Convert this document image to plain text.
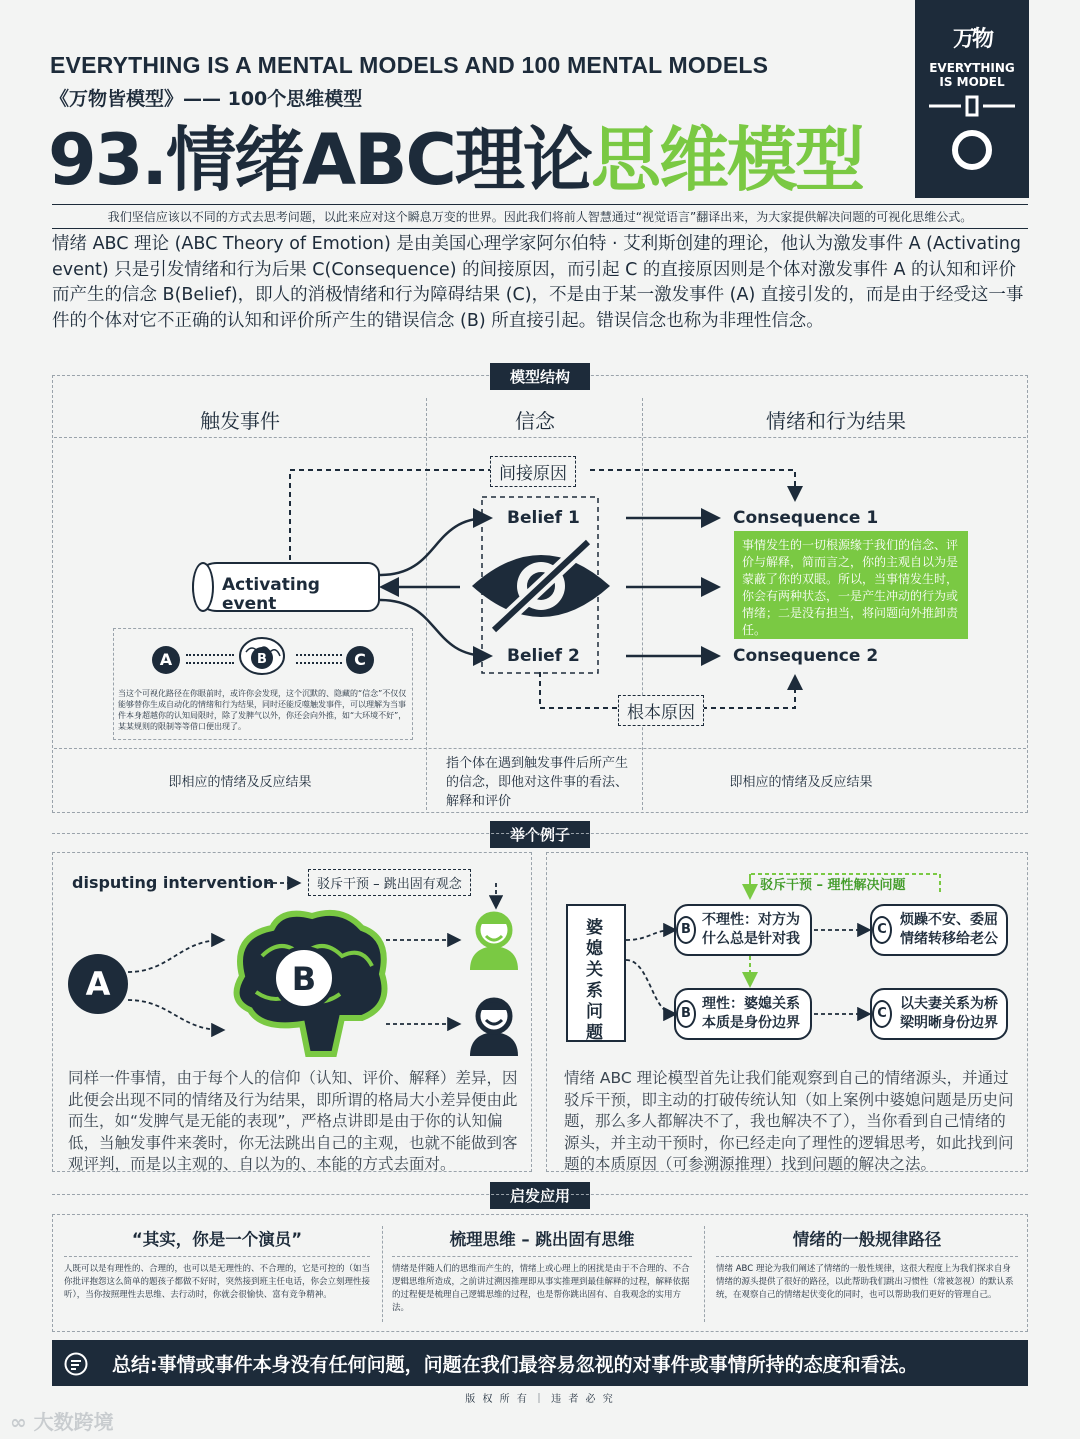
EVERYTHING IS A MENTAL MODELS AND 100 MENTAL MODELS
《万物皆模型》—— 100个思维模型
93.情绪ABC理论思维模型
万物
EVERYTHING
IS MODEL

我们坚信应该以不同的方式去思考问题，以此来应对这个瞬息万变的世界。因此我们将前人智慧通过“视觉语言”翻译出来，为大家提供解决问题的可视化思维公式。
情绪 ABC 理论 (ABC Theory of Emotion) 是由美国心理学家阿尔伯特 · 艾利斯创建的理论，他认为激发事件 A (Activating event) 只是引发情绪和行为后果 C(Consequence) 的间接原因，而引起 C 的直接原因则是个体对激发事件 A 的认知和评价而产生的信念 B(Belief)，即人的消极情绪和行为障碍结果 (C)，不是由于某一激发事件 (A) 直接引发的，而是由于经受这一事件的个体对它不正确的认知和评价所产生的错误信念 (B) 所直接引起。错误信念也称为非理性信念。
模型结构
触发事件	信念	情绪和行为结果
间接原因
根本原因
Activating event
Belief 1
Belief 2
Consequence 1
Consequence 2
事情发生的一切根源缘于我们的信念、评价与解释，简而言之，你的主观自以为是蒙蔽了你的双眼。所以，当事情发生时，你会有两种状态，一是产生冲动的行为或情绪；二是没有担当，将问题向外推卸责任。
A	B	C
当这个可视化路径在你眼前时，或许你会发现，这个沉默的、隐藏的“信念”不仅仅能够替你生成自动化的情绪和行为结果，同时还能反噬触发事件，可以理解为当事件本身超越你的认知局限时，除了发脾气以外，你还会向外推，如“大环境不好”，某某规则的限制等等借口便出现了。
即相应的情绪及反应结果
指个体在遇到触发事件后所产生的信念，即他对这件事的看法、解释和评价
即相应的情绪及反应结果
举个例子
disputing intervention	驳斥干预 – 跳出固有观念
A	B
同样一件事情，由于每个人的信仰（认知、评价、解释）差异，因此便会出现不同的情绪及行为结果，即所谓的格局大小差异便由此而生，如“发脾气是无能的表现”，严格点讲即是由于你的认知偏低，当触发事件来袭时，你无法跳出自己的主观，也就不能做到客观评判，而是以主观的、自以为的、本能的方式去面对。
婆媳关系问题
驳斥干预 – 理性解决问题
不理性：对方为什么总是针对我
B
烦躁不安、委屈情绪转移给老公
C
理性：婆媳关系本质是身份边界
B
以夫妻关系为桥梁明晰身份边界
C
情绪 ABC 理论模型首先让我们能观察到自己的情绪源头，并通过驳斥干预，即主动的打破传统认知（如上案例中婆媳问题是历史问题，那么多人都解决不了，我也解决不了），当你看到自己情绪的源头，并主动干预时，你已经走向了理性的逻辑思考，如此找到问题的本质原因（可参溯源推理）找到问题的解决之法。
启发应用
“其实，你是一个演员”
人既可以是有理性的、合理的，也可以是无理性的、不合理的，它是可控的（如当你批评抱怨这么简单的题孩子都做不好时，突然接到班主任电话，你会立刻理性接听），当你按照理性去思维、去行动时，你就会很愉快、富有竞争精神。
梳理思维 – 跳出固有思维
情绪是伴随人们的思维而产生的，情绪上或心理上的困扰是由于不合理的、不合逻辑思维所造成，之前讲过溯因推理即从事实推理到最佳解释的过程，解释依据的过程便是梳理自己逻辑思维的过程，也是帮你跳出固有、自我观念的实用方法。
情绪的一般规律路径
情绪 ABC 理论为我们阐述了情绪的一般性规律，这很大程度上为我们探求自身情绪的源头提供了很好的路径，以此帮助我们跳出习惯性（常被忽视）的默认系统，在观察自己的情绪起伏变化的同时，也可以帮助我们更好的管理自己。
总结:事情或事件本身没有任何问题，问题在我们最容易忽视的对事件或事情所持的态度和看法。
版 权 所 有 ｜ 违 者 必 究
∞ 大数跨境
